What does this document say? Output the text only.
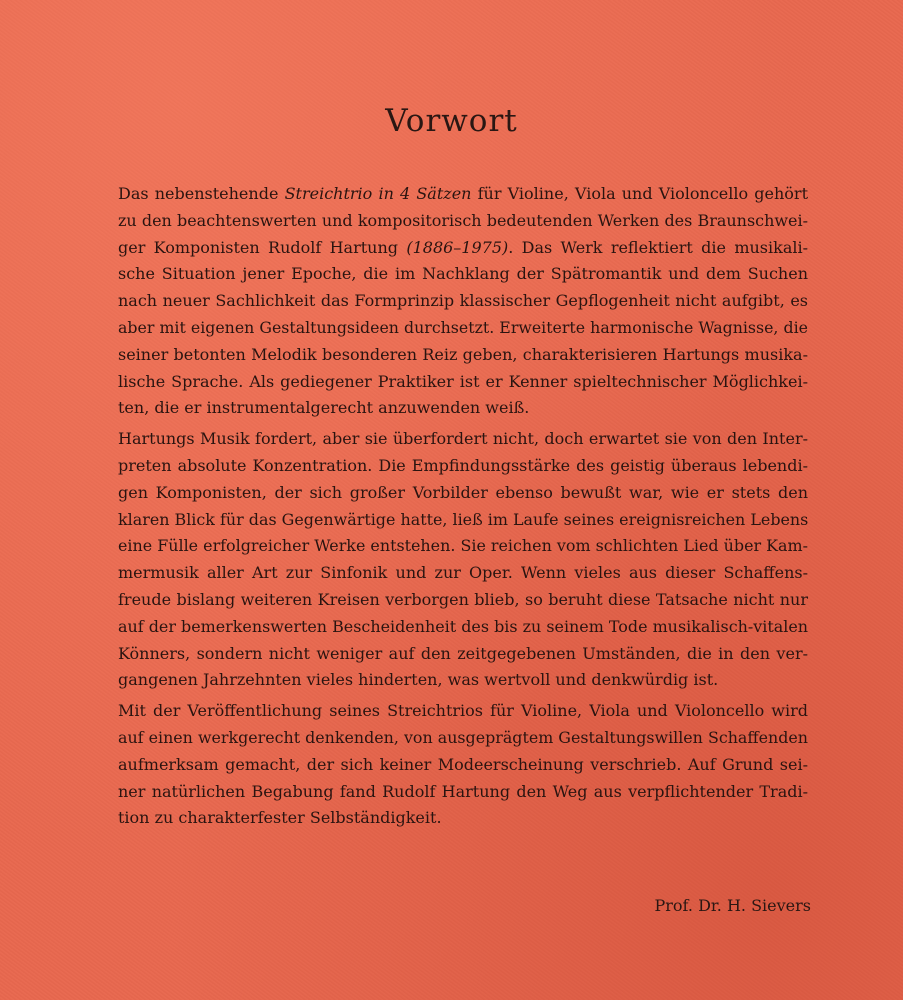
Vorwort
Das nebenstehende Streichtrio in 4 Sätzen für Violine, Viola und Violoncello gehört
zu den beachtenswerten und kompositorisch bedeutenden Werken des Braunschwei-
ger Komponisten Rudolf Hartung (1886–1975). Das Werk reflektiert die musikali-
sche Situation jener Epoche, die im Nachklang der Spätromantik und dem Suchen
nach neuer Sachlichkeit das Formprinzip klassischer Gepflogenheit nicht aufgibt, es
aber mit eigenen Gestaltungsideen durchsetzt. Erweiterte harmonische Wagnisse, die
seiner betonten Melodik besonderen Reiz geben, charakterisieren Hartungs musika-
lische Sprache. Als gediegener Praktiker ist er Kenner spieltechnischer Möglichkei-
ten, die er instrumentalgerecht anzuwenden weiß.
Hartungs Musik fordert, aber sie überfordert nicht, doch erwartet sie von den Inter-
preten absolute Konzentration. Die Empfindungsstärke des geistig überaus lebendi-
gen Komponisten, der sich großer Vorbilder ebenso bewußt war, wie er stets den
klaren Blick für das Gegenwärtige hatte, ließ im Laufe seines ereignisreichen Lebens
eine Fülle erfolgreicher Werke entstehen. Sie reichen vom schlichten Lied über Kam-
mermusik aller Art zur Sinfonik und zur Oper. Wenn vieles aus dieser Schaffens-
freude bislang weiteren Kreisen verborgen blieb, so beruht diese Tatsache nicht nur
auf der bemerkenswerten Bescheidenheit des bis zu seinem Tode musikalisch-vitalen
Könners, sondern nicht weniger auf den zeitgegebenen Umständen, die in den ver-
gangenen Jahrzehnten vieles hinderten, was wertvoll und denkwürdig ist.
Mit der Veröffentlichung seines Streichtrios für Violine, Viola und Violoncello wird
auf einen werkgerecht denkenden, von ausgeprägtem Gestaltungswillen Schaffenden
aufmerksam gemacht, der sich keiner Modeerscheinung verschrieb. Auf Grund sei-
ner natürlichen Begabung fand Rudolf Hartung den Weg aus verpflichtender Tradi-
tion zu charakterfester Selbständigkeit.
Prof. Dr. H. Sievers
